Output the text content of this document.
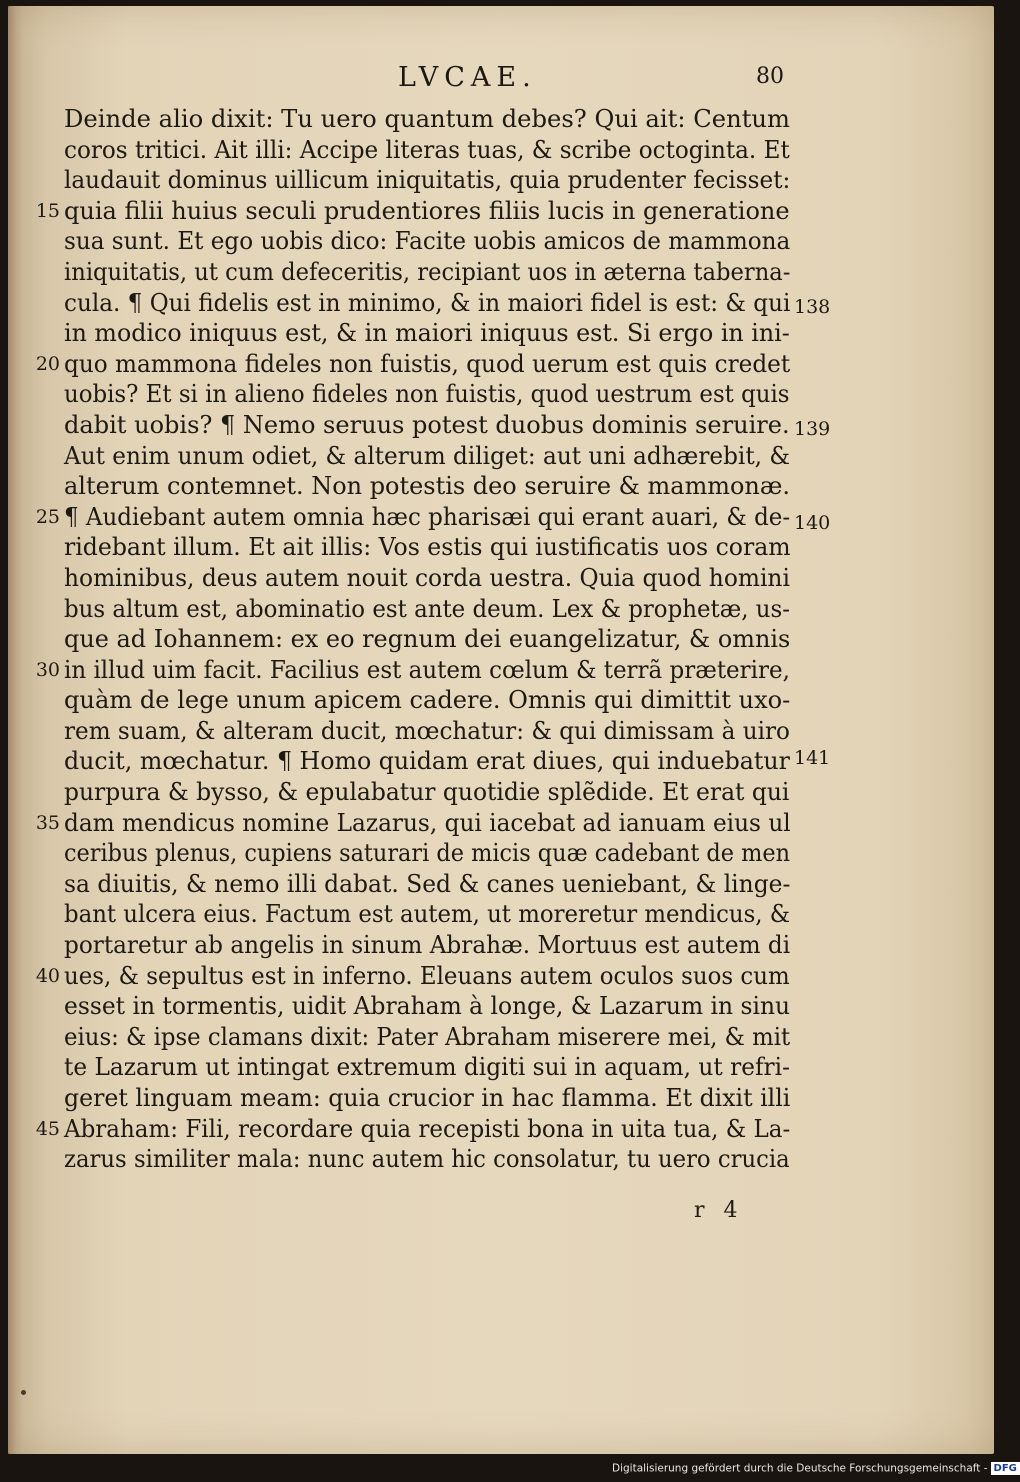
LVCAE.	80
Deinde alio dixit: Tu uero quantum debes? Qui ait: Centum
coros tritici. Ait illi: Accipe literas tuas, & scribe octoginta. Et
laudauit dominus uillicum iniquitatis, quia prudenter fecisset:
quia filii huius seculi prudentiores filiis lucis in generatione
sua sunt. Et ego uobis dico: Facite uobis amicos de mammona
iniquitatis, ut cum defeceritis, recipiant uos in æterna taberna-
cula. ¶ Qui fidelis est in minimo, & in maiori fidel is est: & qui
in modico iniquus est, & in maiori iniquus est. Si ergo in ini-
quo mammona fideles non fuistis, quod uerum est quis credet
uobis? Et si in alieno fideles non fuistis, quod uestrum est quis
dabit uobis? ¶ Nemo seruus potest duobus dominis seruire.
Aut enim unum odiet, & alterum diliget: aut uni adhærebit, &
alterum contemnet. Non potestis deo seruire & mammonæ.
¶ Audiebant autem omnia hæc pharisæi qui erant auari, & de-
ridebant illum. Et ait illis: Vos estis qui iustificatis uos coram
hominibus, deus autem nouit corda uestra. Quia quod homini
bus altum est, abominatio est ante deum. Lex & prophetæ, us-
que ad Iohannem: ex eo regnum dei euangelizatur, & omnis
in illud uim facit. Facilius est autem cœlum & terrã præterire,
quàm de lege unum apicem cadere. Omnis qui dimittit uxo-
rem suam, & alteram ducit, mœchatur: & qui dimissam à uiro
ducit, mœchatur. ¶ Homo quidam erat diues, qui induebatur
purpura & bysso, & epulabatur quotidie splẽdide. Et erat qui
dam mendicus nomine Lazarus, qui iacebat ad ianuam eius ul
ceribus plenus, cupiens saturari de micis quæ cadebant de men
sa diuitis, & nemo illi dabat. Sed & canes ueniebant, & linge-
bant ulcera eius. Factum est autem, ut moreretur mendicus, &
portaretur ab angelis in sinum Abrahæ. Mortuus est autem di
ues, & sepultus est in inferno. Eleuans autem oculos suos cum
esset in tormentis, uidit Abraham à longe, & Lazarum in sinu
eius: & ipse clamans dixit: Pater Abraham miserere mei, & mit
te Lazarum ut intingat extremum digiti sui in aquam, ut refri-
geret linguam meam: quia crucior in hac flamma. Et dixit illi
Abraham: Fili, recordare quia recepisti bona in uita tua, & La-
zarus similiter mala: nunc autem hic consolatur, tu uero crucia
15
20
25
30
35
40
45
138
139
140
141
r 4
Digitalisierung gefördert durch die Deutsche Forschungsgemeinschaft - DFG
